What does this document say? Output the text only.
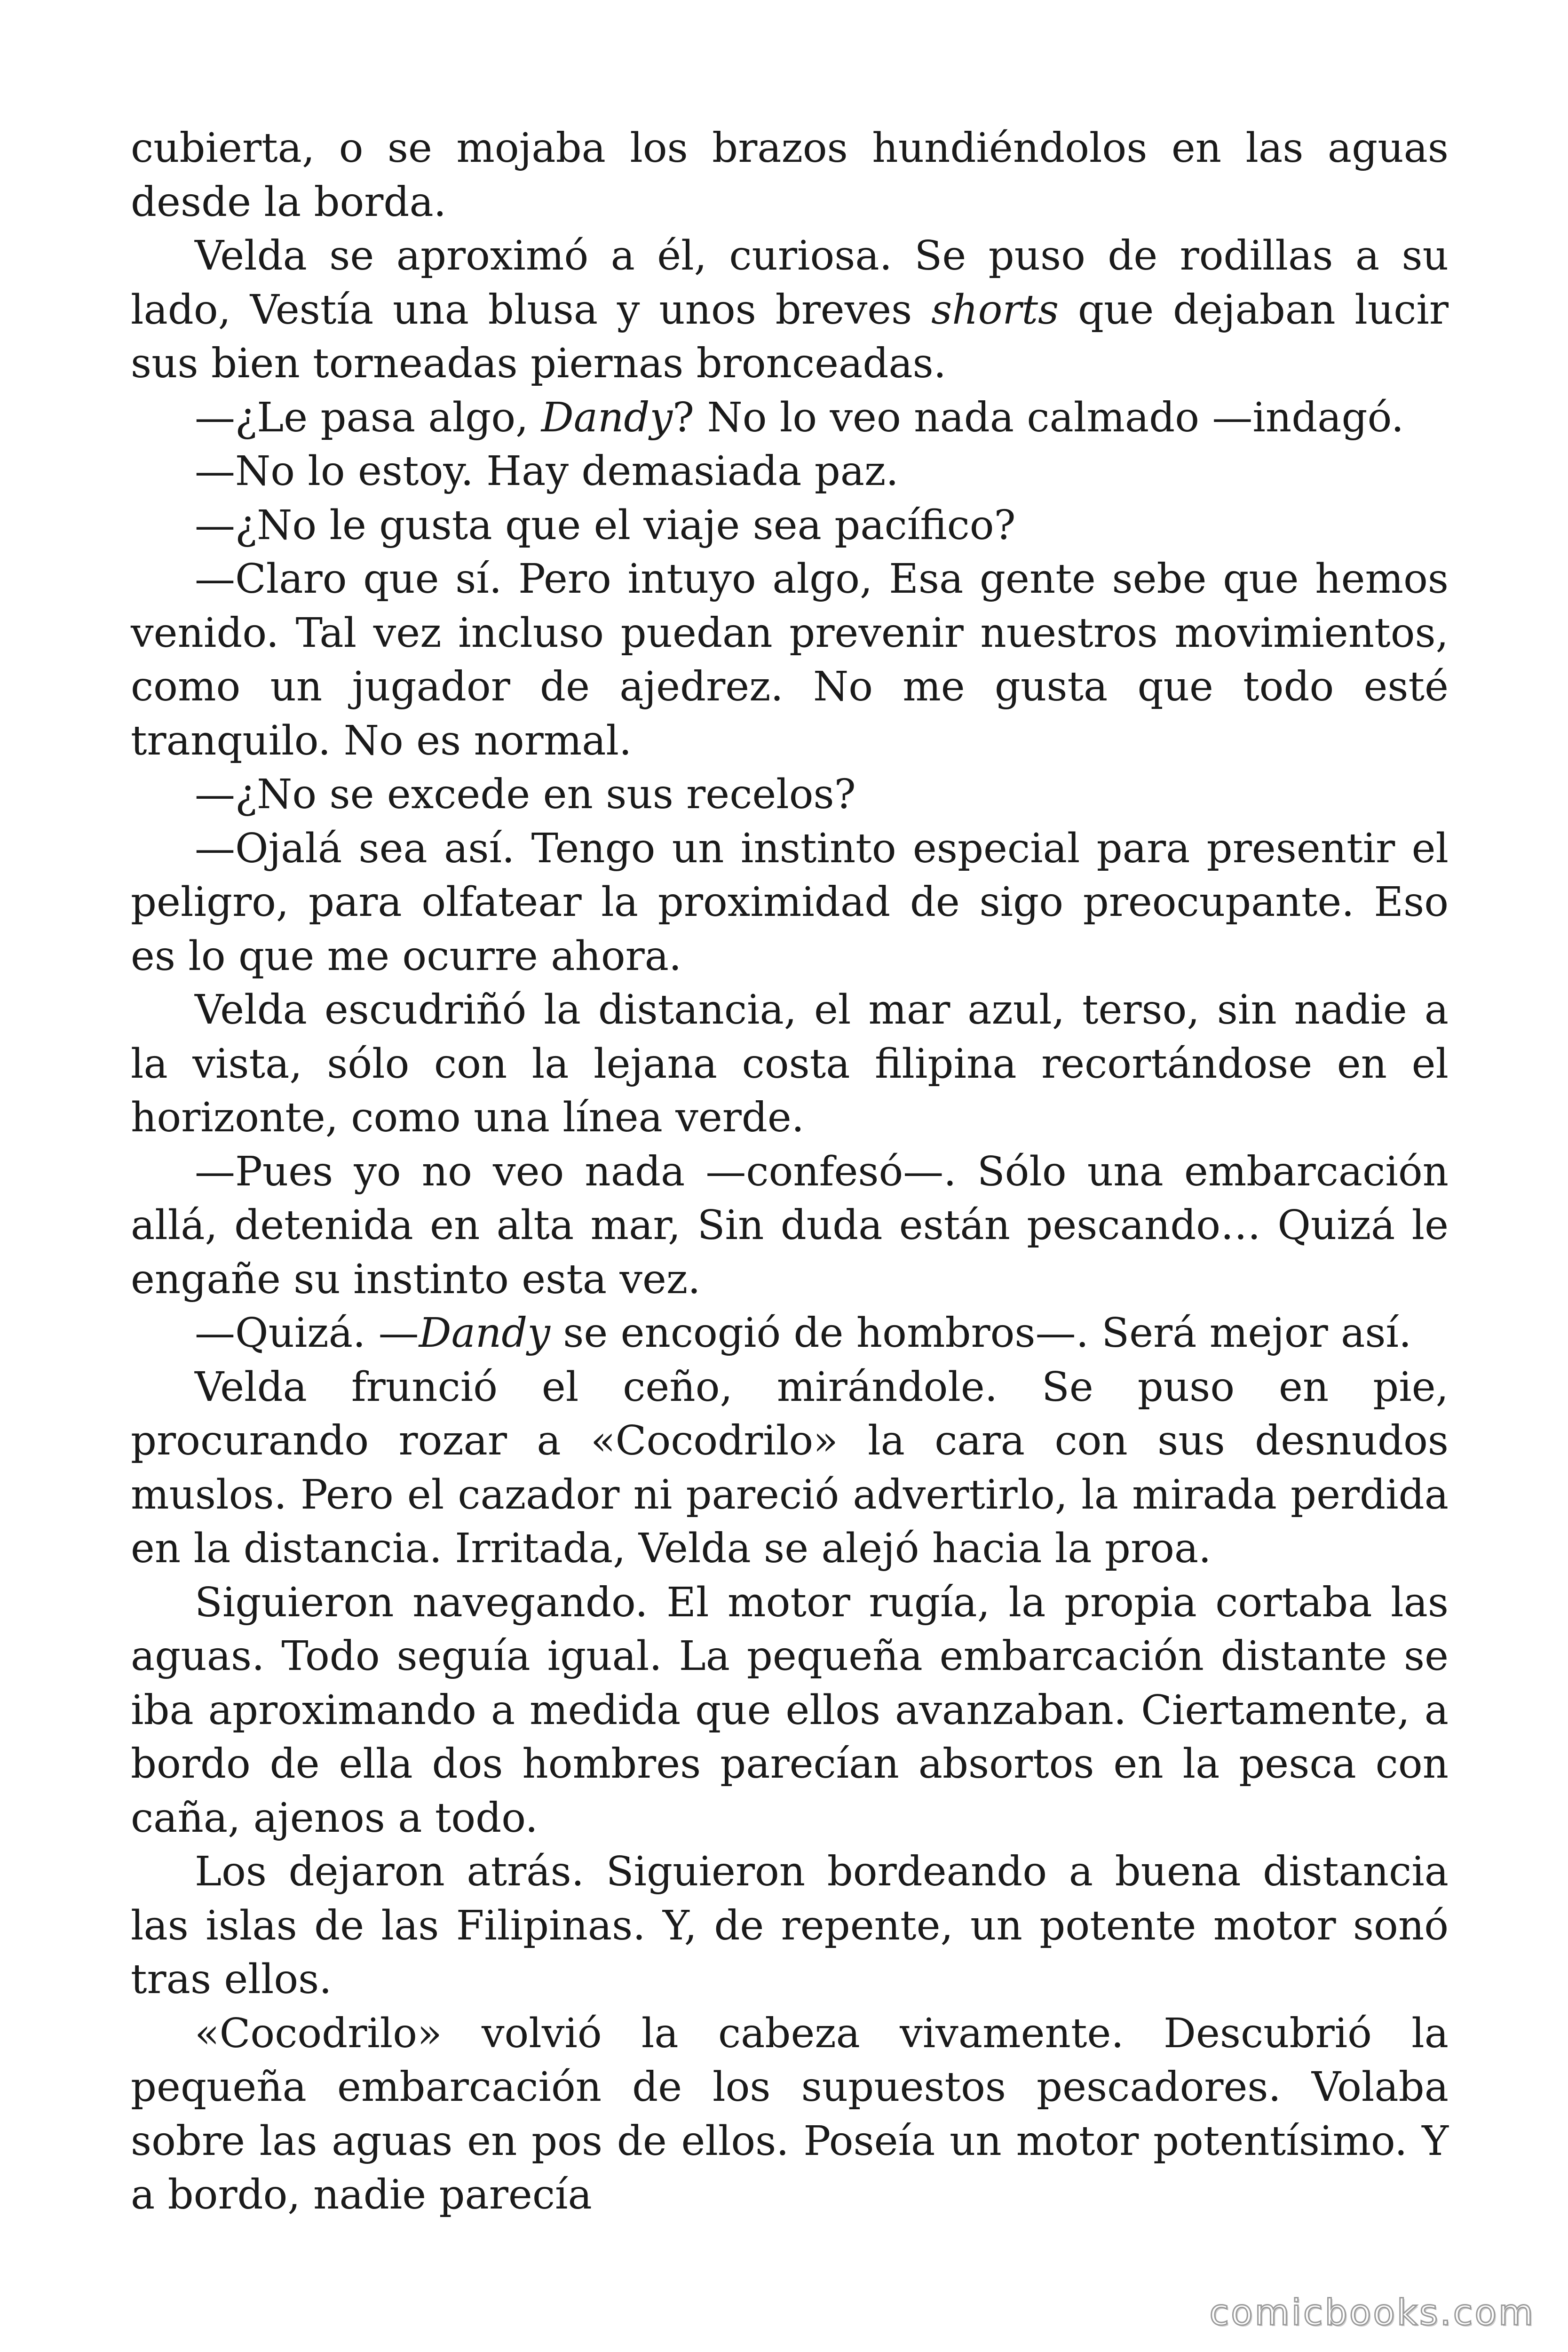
cubierta, o se mojaba los brazos hundiéndolos en las aguas desde la borda.

Velda se aproximó a él, curiosa. Se puso de rodillas a su lado, Vestía una blusa y unos breves shorts que dejaban lucir sus bien torneadas piernas bronceadas.

—¿Le pasa algo, Dandy? No lo veo nada calmado —indagó.

—No lo estoy. Hay demasiada paz.

—¿No le gusta que el viaje sea pacífico?

—Claro que sí. Pero intuyo algo, Esa gente sebe que hemos venido. Tal vez incluso puedan prevenir nuestros movimientos, como un jugador de ajedrez. No me gusta que todo esté tranquilo. No es normal.

—¿No se excede en sus recelos?

—Ojalá sea así. Tengo un instinto especial para presentir el peligro, para olfatear la proximidad de sigo preocupante. Eso es lo que me ocurre ahora.

Velda escudriñó la distancia, el mar azul, terso, sin nadie a la vista, sólo con la lejana costa filipina recortándose en el horizonte, como una línea verde.

—Pues yo no veo nada —confesó—. Sólo una embarcación allá, detenida en alta mar, Sin duda están pescando… Quizá le engañe su instinto esta vez.

—Quizá. —Dandy se encogió de hombros—. Será mejor así.

Velda frunció el ceño, mirándole. Se puso en pie, procurando rozar a «Cocodrilo» la cara con sus desnudos muslos. Pero el cazador ni pareció advertirlo, la mirada perdida en la distancia. Irritada, Velda se alejó hacia la proa.

Siguieron navegando. El motor rugía, la propia cortaba las aguas. Todo seguía igual. La pequeña embarcación distante se iba aproximando a medida que ellos avanzaban. Ciertamente, a bordo de ella dos hombres parecían absortos en la pesca con caña, ajenos a todo.

Los dejaron atrás. Siguieron bordeando a buena distancia las islas de las Filipinas. Y, de repente, un potente motor sonó tras ellos.

«Cocodrilo» volvió la cabeza vivamente. Descubrió la pequeña embarcación de los supuestos pescadores. Volaba sobre las aguas en pos de ellos. Poseía un motor potentísimo. Y a bordo, nadie parecía

comicbooks.com
